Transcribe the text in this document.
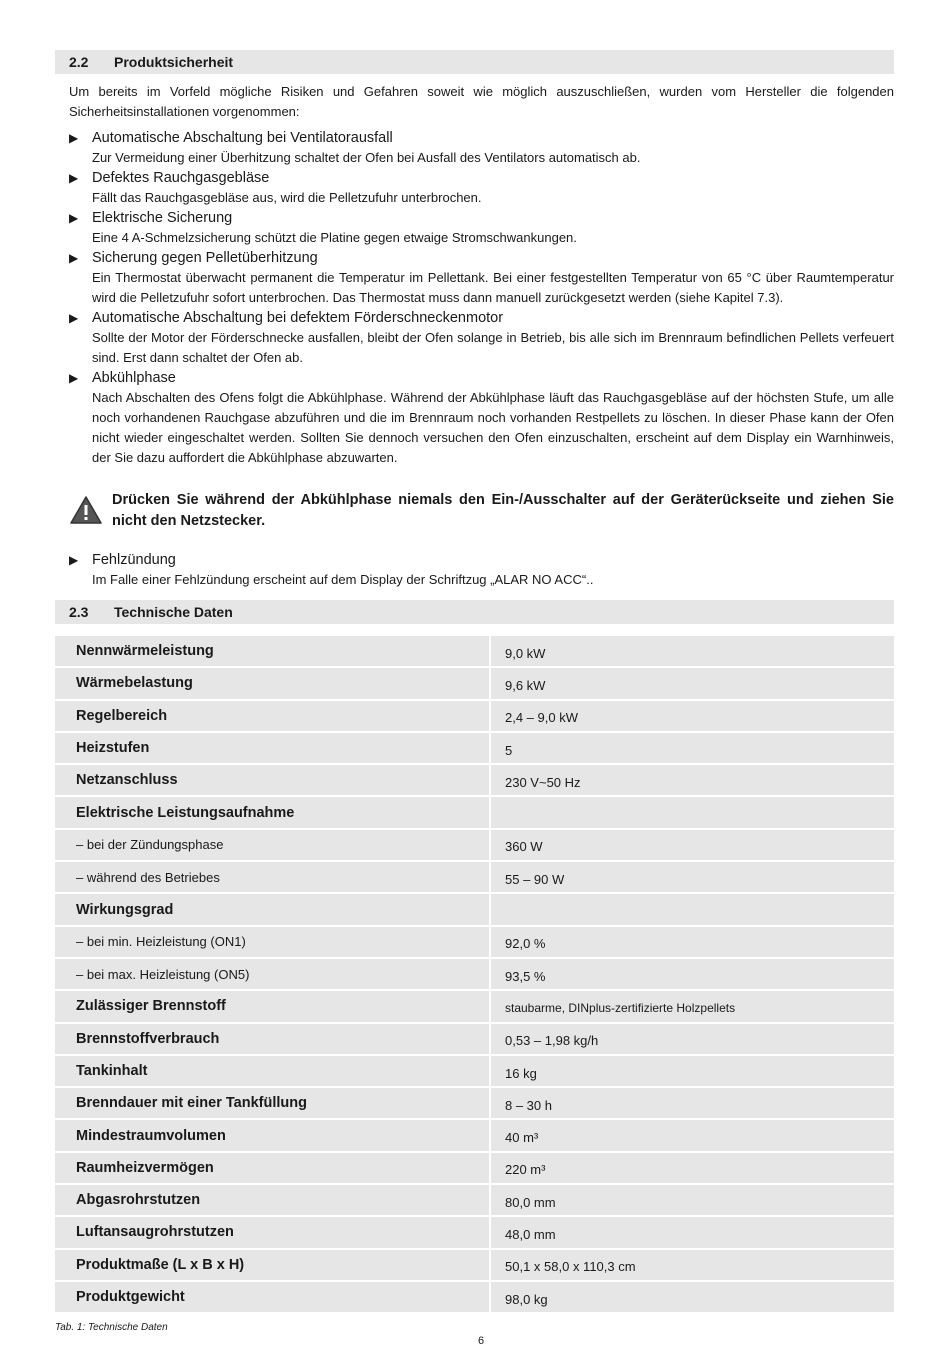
2.2	Produktsicherheit
Um bereits im Vorfeld mögliche Risiken und Gefahren soweit wie möglich auszuschließen, wurden vom Hersteller die folgenden Sicherheitsinstallationen vorgenommen:
▶ Automatische Abschaltung bei Ventilatorausfall
Zur Vermeidung einer Überhitzung schaltet der Ofen bei Ausfall des Ventilators automatisch ab.
▶ Defektes Rauchgasgebläse
Fällt das Rauchgasgebläse aus, wird die Pelletzufuhr unterbrochen.
▶ Elektrische Sicherung
Eine 4 A-Schmelzsicherung schützt die Platine gegen etwaige Stromschwankungen.
▶ Sicherung gegen Pelletüberhitzung
Ein Thermostat überwacht permanent die Temperatur im Pellettank. Bei einer festgestellten Temperatur von 65 °C über Raumtemperatur wird die Pelletzufuhr sofort unterbrochen. Das Thermostat muss dann manuell zurückgesetzt werden (siehe Kapitel 7.3).
▶ Automatische Abschaltung bei defektem Förderschneckenmotor
Sollte der Motor der Förderschnecke ausfallen, bleibt der Ofen solange in Betrieb, bis alle sich im Brennraum befindlichen Pellets verfeuert sind. Erst dann schaltet der Ofen ab.
▶ Abkühlphase
Nach Abschalten des Ofens folgt die Abkühlphase. Während der Abkühlphase läuft das Rauchgasgebläse auf der höchsten Stufe, um alle noch vorhandenen Rauchgase abzuführen und die im Brennraum noch vorhanden Restpellets zu löschen. In dieser Phase kann der Ofen nicht wieder eingeschaltet werden. Sollten Sie dennoch versuchen den Ofen einzuschalten, erscheint auf dem Display ein Warnhinweis, der Sie dazu auffordert die Abkühlphase abzuwarten.
Drücken Sie während der Abkühlphase niemals den Ein-/Ausschalter auf der Geräterückseite und ziehen Sie nicht den Netzstecker.
▶ Fehlzündung
Im Falle einer Fehlzündung erscheint auf dem Display der Schriftzug „ALAR NO ACC“..
2.3	Technische Daten
Nennwärmeleistung		9,0 kW
Wärmebelastung		9,6 kW
Regelbereich		2,4 – 9,0 kW
Heizstufen		5
Netzanschluss		230 V~50 Hz
Elektrische Leistungsaufnahme		
– bei der Zündungsphase		360 W
– während des Betriebes		55 – 90 W
Wirkungsgrad		
– bei min. Heizleistung (ON1)		92,0 %
– bei max. Heizleistung (ON5)		93,5 %
Zulässiger Brennstoff		staubarme, DINplus-zertifizierte Holzpellets
Brennstoffverbrauch		0,53 – 1,98 kg/h
Tankinhalt		16 kg
Brenndauer mit einer Tankfüllung		8 – 30 h
Mindestraumvolumen		40 m³
Raumheizvermögen		220 m³
Abgasrohrstutzen		80,0 mm
Luftansaugrohrstutzen		48,0 mm
Produktmaße (L x B x H)		50,1 x 58,0 x 110,3 cm
Produktgewicht		98,0 kg
Tab. 1: Technische Daten
6
